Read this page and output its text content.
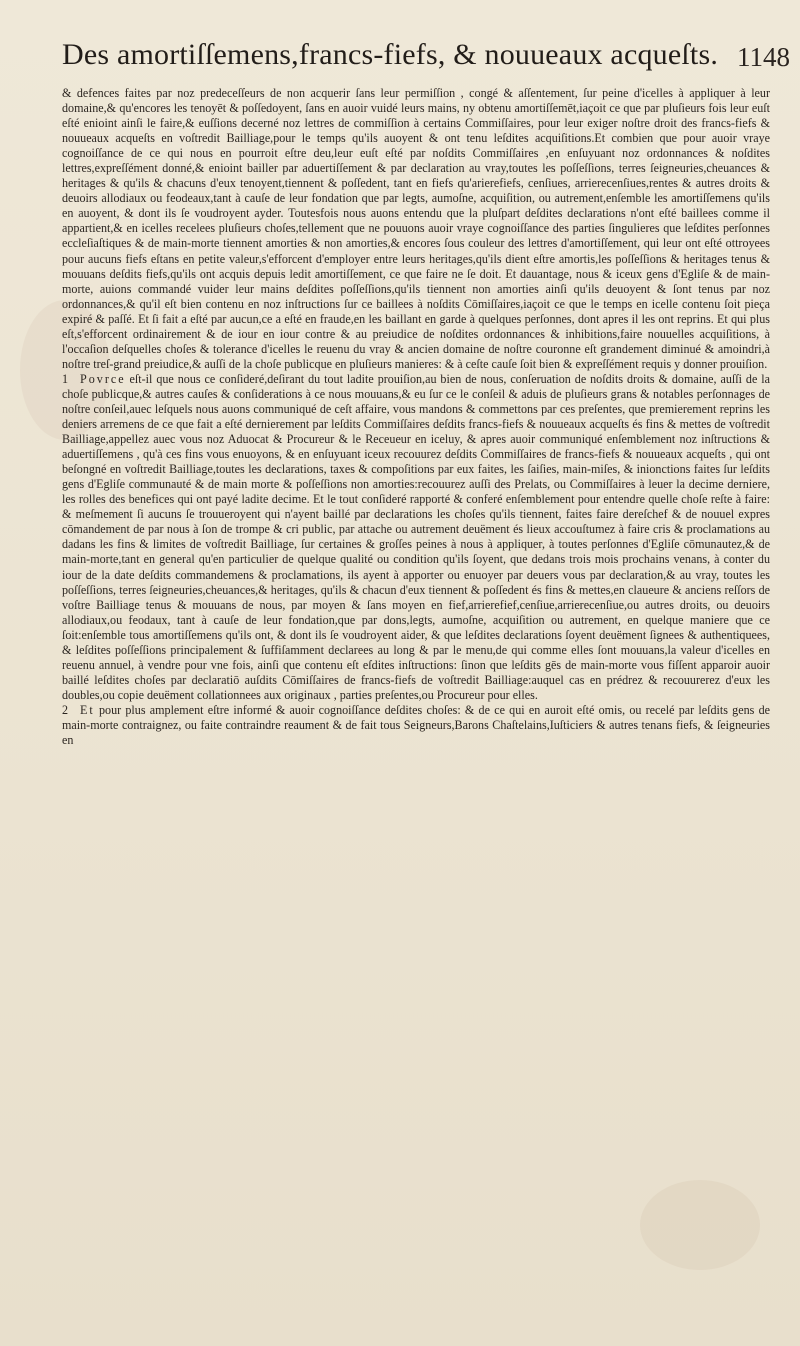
Des amortiſſemens,francs-fiefs, & nouueaux acqueſts. 1148

& defences faites par noz predeceſſeurs de non acquerir ſans leur permiſſion , congé & aſſentement, ſur peine d'icelles à appliquer à leur domaine,& qu'encores les tenoyēt & poſſedoyent, ſans en auoir vuidé leurs mains, ny obtenu amortiſſemēt,iaçoit ce que par pluſieurs fois leur euſt eſté enioint ainſi le faire,& euſſions decerné noz lettres de commiſſion à certains Commiſſaires, pour leur exiger noſtre droit des francs-fiefs & nouueaux acqueſts en voſtredit Bailliage,pour le temps qu'ils auoyent & ont tenu leſdites acquiſitions.Et combien que pour auoir vraye cognoiſſance de ce qui nous en pourroit eſtre deu,leur euſt eſté par noſdits Commiſſaires ,en enſuyuant noz ordonnances & noſdites lettres,expreſſément donné,& enioint bailler par aduertiſſement & par declaration au vray,toutes les poſſeſſions, terres ſeigneuries,cheuances & heritages & qu'ils & chacuns d'eux tenoyent,tiennent & poſſedent, tant en fiefs qu'arierefiefs, cenſiues, arrierecenſiues,rentes & autres droits & deuoirs allodiaux ou feodeaux,tant à cauſe de leur fondation que par legts, aumoſne, acquiſition, ou autrement,enſemble les amortiſſemens qu'ils en auoyent, & dont ils ſe voudroyent ayder. Toutesfois nous auons entendu que la pluſpart deſdites declarations n'ont eſté baillees comme il appartient,& en icelles recelees pluſieurs choſes,tellement que ne pouuons auoir vraye cognoiſſance des parties ſingulieres que leſdites perſonnes eccleſiaſtiques & de main-morte tiennent amorties & non amorties,& encores ſous couleur des lettres d'amortiſſement, qui leur ont eſté ottroyees pour aucuns fiefs eſtans en petite valeur,s'efforcent d'employer entre leurs heritages,qu'ils dient eſtre amortis,les poſſeſſions & heritages tenus & mouuans deſdits fiefs,qu'ils ont acquis depuis ledit amortiſſement, ce que faire ne ſe doit. Et dauantage, nous & iceux gens d'Egliſe & de main-morte, auions commandé vuider leur mains deſdites poſſeſſions,qu'ils tiennent non amorties ainſi qu'ils deuoyent & ſont tenus par noz ordonnances,& qu'il eſt bien contenu en noz inſtructions ſur ce baillees à noſdits Cōmiſſaires,iaçoit ce que le temps en icelle contenu ſoit pieça expiré & paſſé. Et ſi fait a eſté par aucun,ce a eſté en fraude,en les baillant en garde à quelques perſonnes, dont apres il les ont reprins. Et qui plus eſt,s'efforcent ordinairement & de iour en iour contre & au preiudice de noſdites ordonnances & inhibitions,faire nouuelles acquiſitions, à l'occaſion deſquelles choſes & tolerance d'icelles le reuenu du vray & ancien domaine de noſtre couronne eſt grandement diminué & amoindri,à noſtre treſ-grand preiudice,& auſſi de la choſe publicque en pluſieurs manieres: & à ceſte cauſe ſoit bien & expreſſément requis y donner prouiſion.

1 Povrce eſt-il que nous ce conſideré,deſirant du tout ladite prouiſion,au bien de nous, conſeruation de noſdits droits & domaine, auſſi de la choſe publicque,& autres cauſes & conſiderations à ce nous mouuans,& eu ſur ce le conſeil & aduis de pluſieurs grans & notables perſonnages de noſtre conſeil,auec leſquels nous auons communiqué de ceſt affaire, vous mandons & commettons par ces preſentes, que premierement reprins les deniers arremens de ce que fait a eſté dernierement par leſdits Commiſſaires deſdits francs-fiefs & nouueaux acqueſts és fins & mettes de voſtredit Bailliage,appellez auec vous noz Aduocat & Procureur & le Receueur en iceluy, & apres auoir communiqué enſemblement noz inſtructions & aduertiſſemens , qu'à ces fins vous enuoyons, & en enſuyuant iceux recouurez deſdits Commiſſaires de francs-fiefs & nouueaux acqueſts , qui ont beſongné en voſtredit Bailliage,toutes les declarations, taxes & compoſitions par eux faites, les ſaiſies, main-miſes, & inionctions faites ſur leſdits gens d'Egliſe communauté & de main morte & poſſeſſions non amorties:recouurez auſſi des Prelats, ou Commiſſaires à leuer la decime derniere, les rolles des benefices qui ont payé ladite decime. Et le tout conſideré rapporté & conferé enſemblement pour entendre quelle choſe reſte à faire: & meſmement ſi aucuns ſe trouueroyent qui n'ayent baillé par declarations les choſes qu'ils tiennent, faites faire dereſchef & de nouuel expres cōmandement de par nous à ſon de trompe & cri public, par attache ou autrement deuëment és lieux accouſtumez à faire cris & proclamations au dadans les fins & limites de voſtredit Bailliage, ſur certaines & groſſes peines à nous à appliquer, à toutes perſonnes d'Egliſe cōmunautez,& de main-morte,tant en general qu'en particulier de quelque qualité ou condition qu'ils ſoyent, que dedans trois mois prochains venans, à conter du iour de la date deſdits commandemens & proclamations, ils ayent à apporter ou enuoyer par deuers vous par declaration,& au vray, toutes les poſſeſſions, terres ſeigneuries,cheuances,& heritages, qu'ils & chacun d'eux tiennent & poſſedent és fins & mettes,en claueure & anciens reſſors de voſtre Bailliage tenus & mouuans de nous, par moyen & ſans moyen en fief,arrierefief,cenſiue,arrierecenſiue,ou autres droits, ou deuoirs allodiaux,ou feodaux, tant à cauſe de leur fondation,que par dons,legts, aumoſne, acquiſition ou autrement, en quelque maniere que ce ſoit:enſemble tous amortiſſemens qu'ils ont, & dont ils ſe voudroyent aider, & que leſdites declarations ſoyent deuëment ſignees & authentiquees, & leſdites poſſeſſions principalement & ſuffiſamment declarees au long & par le menu,de qui comme elles ſont mouuans,la valeur d'icelles en reuenu annuel, à vendre pour vne fois, ainſi que contenu eſt eſdites inſtructions: ſinon que leſdits gēs de main-morte vous fiſſent apparoir auoir baillé leſdites choſes par declaratiō auſdits Cōmiſſaires de francs-fiefs de voſtredit Bailliage:auquel cas en prédrez & recouurerez d'eux les doubles,ou copie deuëment collationnees aux originaux , parties preſentes,ou Procureur pour elles.

2 Et pour plus amplement eſtre informé & auoir cognoiſſance deſdites choſes: & de ce qui en auroit eſté omis, ou recelé par leſdits gens de main-morte contraignez, ou faite contraindre reaument & de fait tous Seigneurs,Barons Chaſtelains,Iuſticiers & autres tenans fiefs, & ſeigneuries en
